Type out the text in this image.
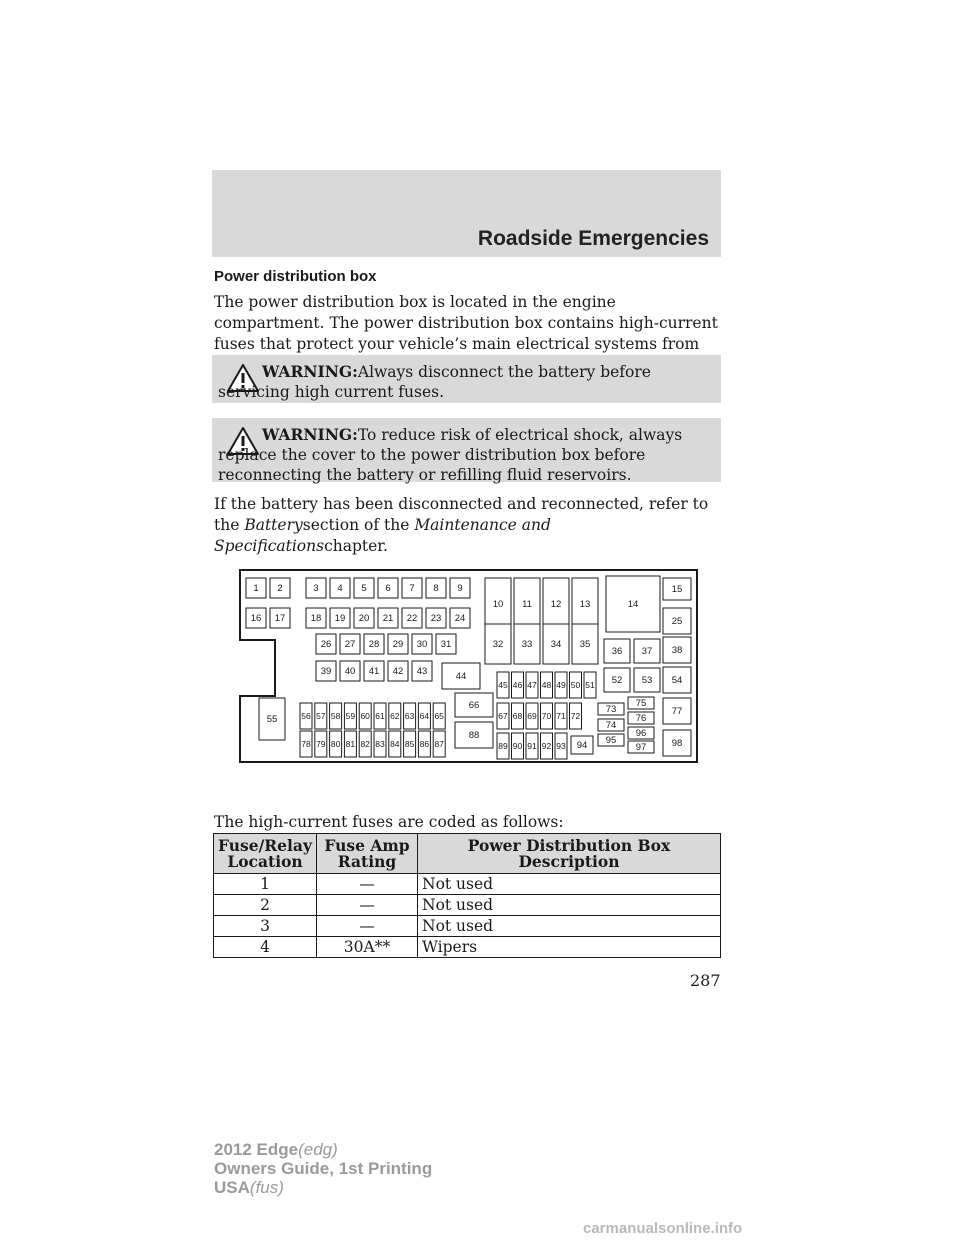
Roadside Emergencies
Power distribution box
The power distribution box is located in the engine compartment. The power distribution box contains high-current fuses that protect your vehicle’s main electrical systems from
WARNING:Always disconnect the battery before servicing high current fuses.
WARNING:To reduce risk of electrical shock, always replace the cover to the power distribution box before reconnecting the battery or refilling fluid reservoirs.
If the battery has been disconnected and reconnected, refer to the Batterysection of the Maintenance and Specificationschapter.
1 2	3 4 5 6 7 8 9
16 17	18 19 20 21 22 23 24
26 27 28 29 30 31
39 40 41 42 43	44
10 11 12 13	14
15
25
32 33 34 35
36 37 38
45 46 47 48 49 50 51 52 53 54
55	56 57 58 59 60 61 62 63 64 65
78 79 80 81 82 83 84 85 86 87
66
88
67 68 69 70 71 72
89 90 91 92 93 94
73
74
95
75
76
96
97
77
98
The high-current fuses are coded as follows:
Fuse/Relay Location	Fuse Amp Rating	Power Distribution Box Description
1	—	Not used
2	—	Not used
3	—	Not used
4	30A**	Wipers
287
2012 Edge(edg)
Owners Guide, 1st Printing
USA(fus)
carmanualsonline.info
